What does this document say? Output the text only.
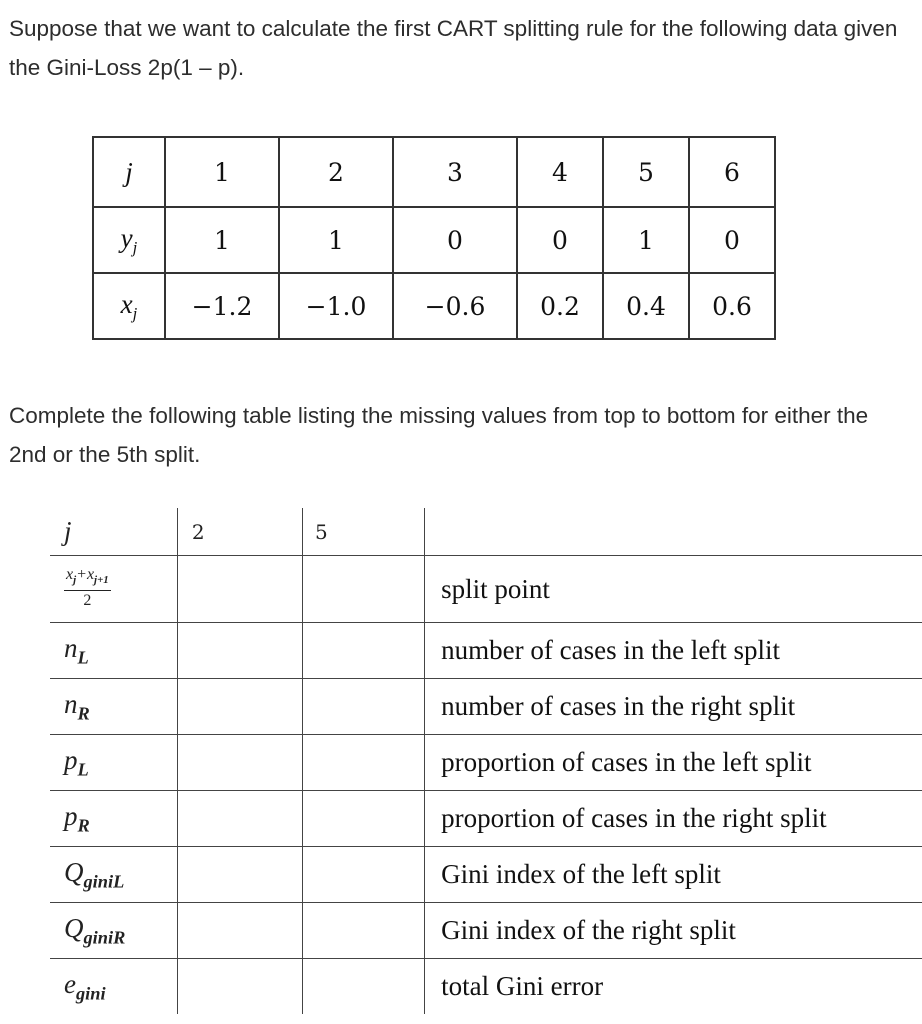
Suppose that we want to calculate the first CART splitting rule for the following data given the Gini-Loss 2p(1 – p).

j	1	2	3	4	5	6
$y_j$	1	1	0	0	1	0
$x_j$	−1.2	−1.0	−0.6	0.2	0.4	0.6

Complete the following table listing the missing values from top to bottom for either the 2nd or the 5th split.

j	2	5	

$\frac{x_j+x_{j+1}}{2}$			split point
$n_L$			number of cases in the left split
$n_R$			number of cases in the right split
$p_L$			proportion of cases in the left split
$p_R$			proportion of cases in the right split
$Q_{giniL}$			Gini index of the left split
$Q_{giniR}$			Gini index of the right split
$e_{gini}$			total Gini error
